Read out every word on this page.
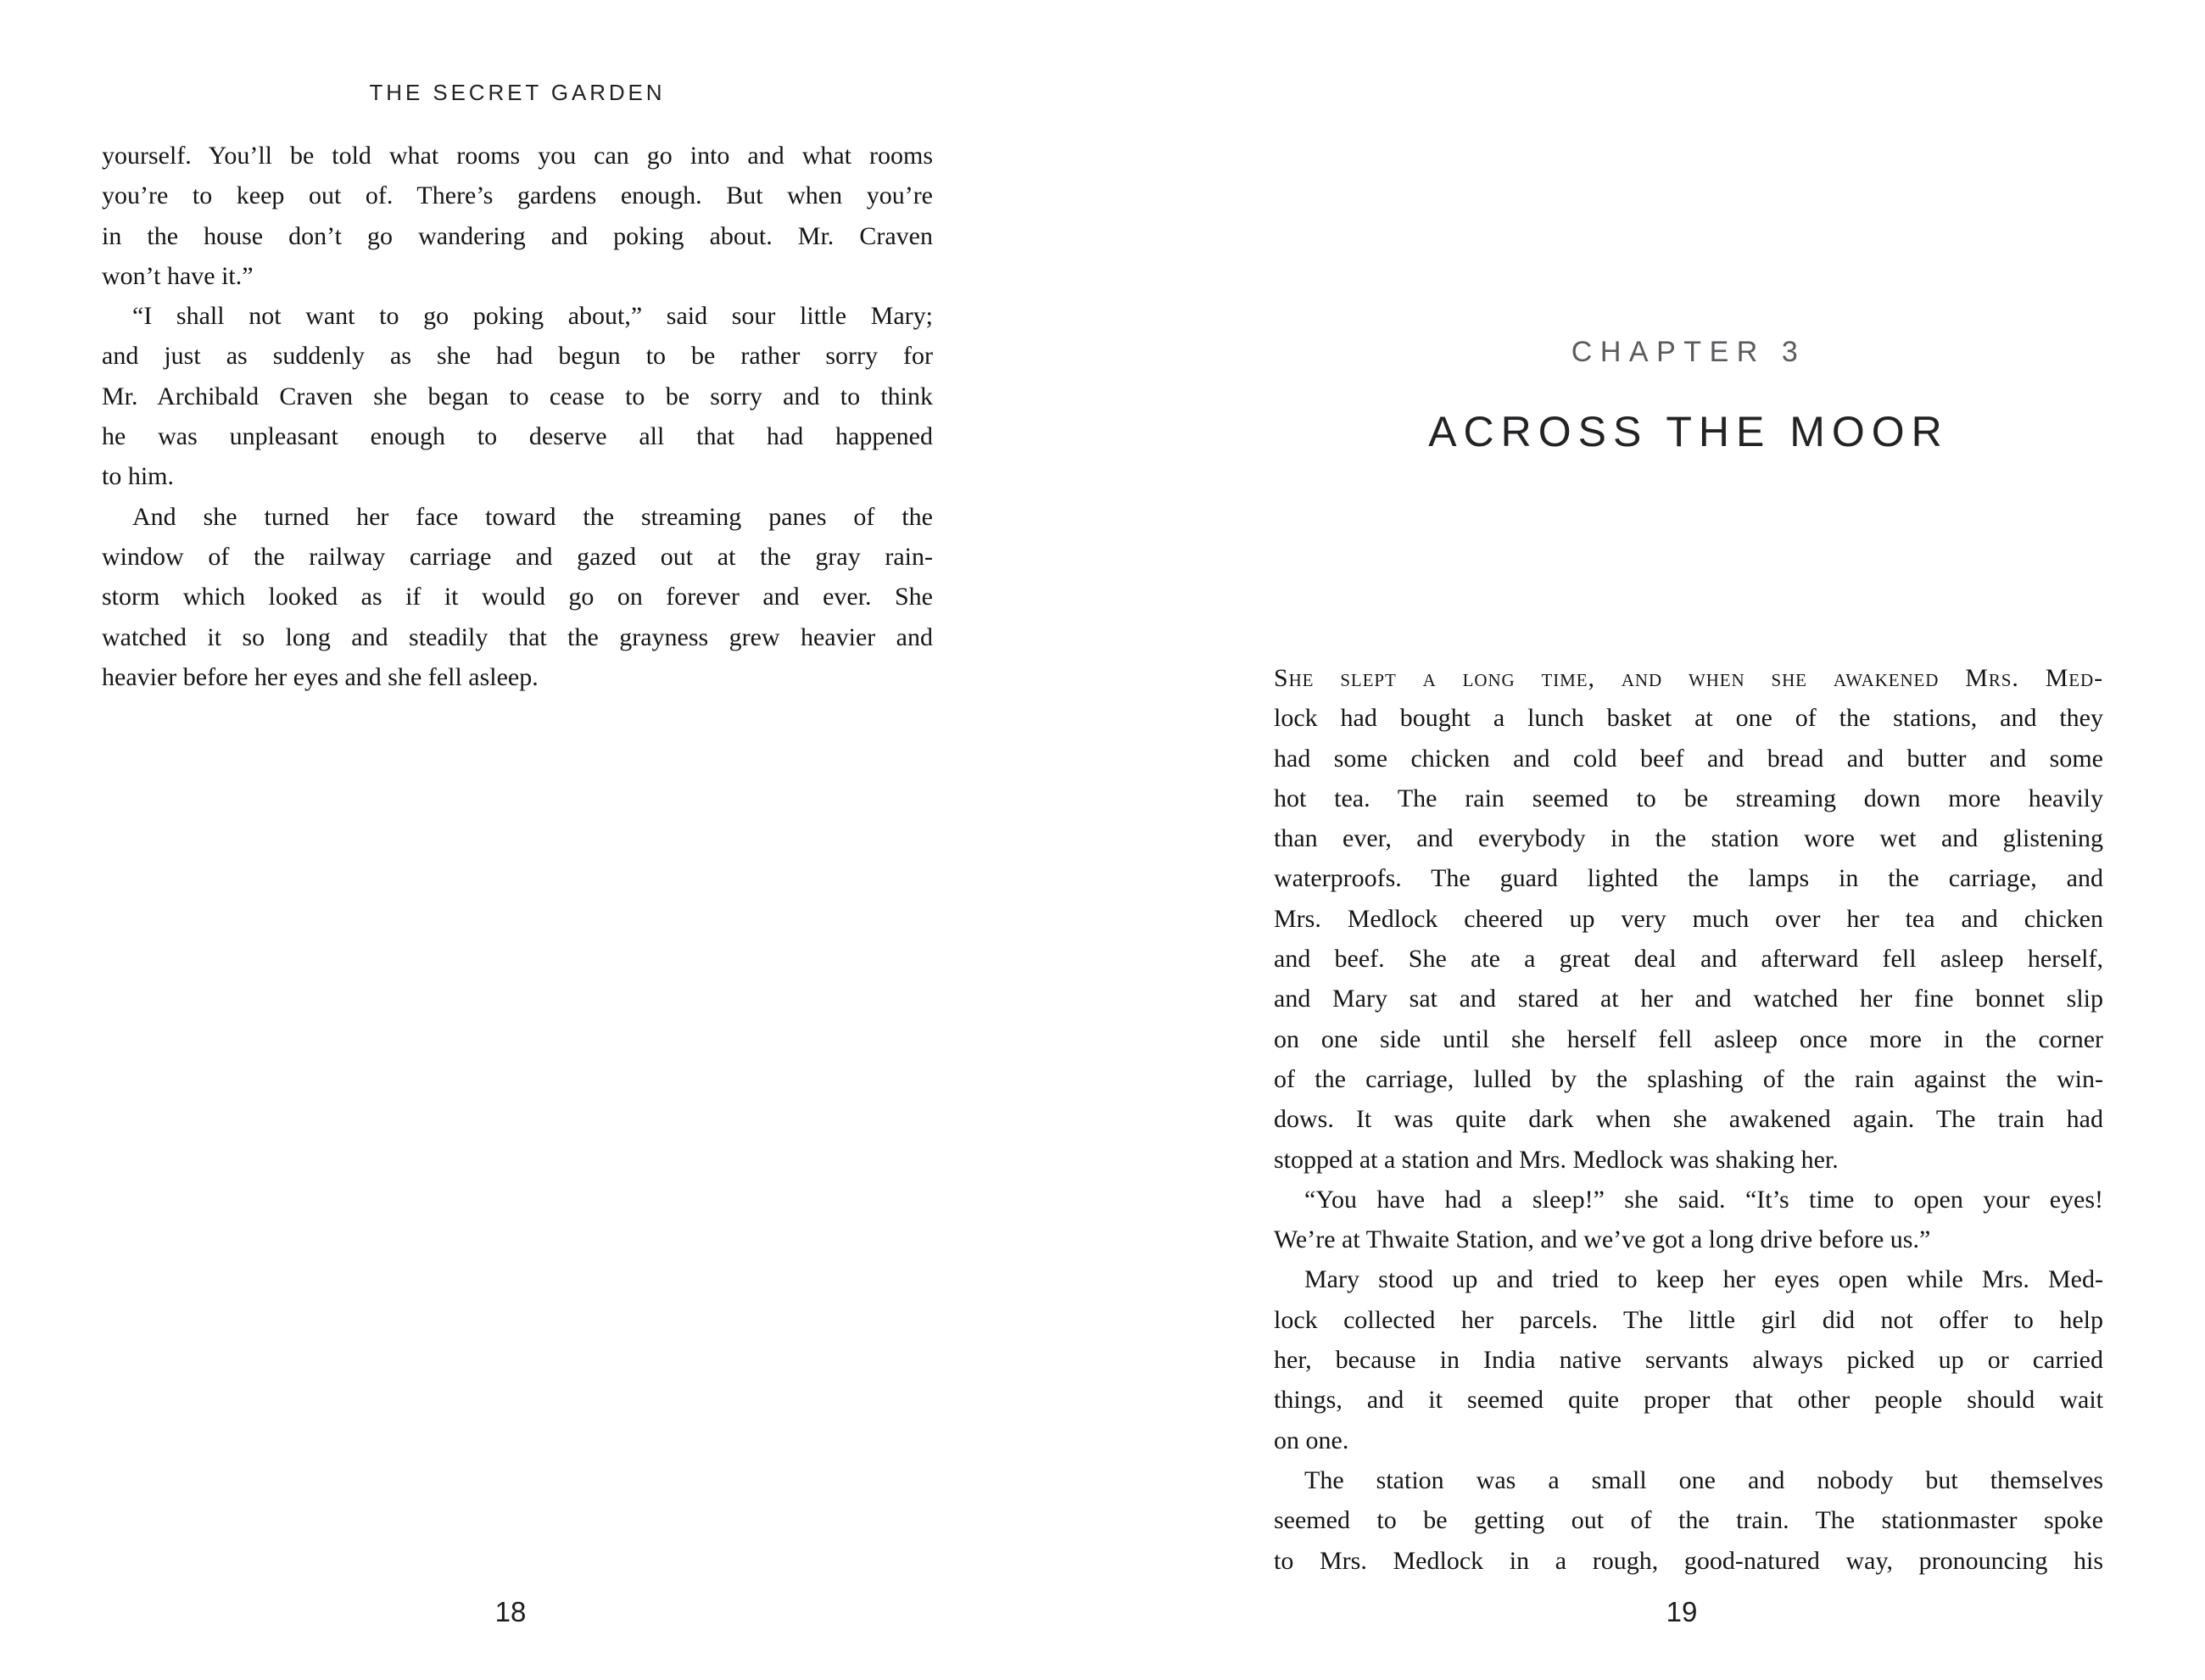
THE SECRET GARDEN
yourself. You’ll be told what rooms you can go into and what rooms
you’re to keep out of. There’s gardens enough. But when you’re
in the house don’t go wandering and poking about. Mr. Craven
won’t have it.”
“I shall not want to go poking about,” said sour little Mary;
and just as suddenly as she had begun to be rather sorry for
Mr. Archibald Craven she began to cease to be sorry and to think
he was unpleasant enough to deserve all that had happened
to him.
And she turned her face toward the streaming panes of the
window of the railway carriage and gazed out at the gray rain-
storm which looked as if it would go on forever and ever. She
watched it so long and steadily that the grayness grew heavier and
heavier before her eyes and she fell asleep.
18
CHAPTER 3
ACROSS THE MOOR
She slept a long time, and when she awakened Mrs. Med-
lock had bought a lunch basket at one of the stations, and they
had some chicken and cold beef and bread and butter and some
hot tea. The rain seemed to be streaming down more heavily
than ever, and everybody in the station wore wet and glistening
waterproofs. The guard lighted the lamps in the carriage, and
Mrs. Medlock cheered up very much over her tea and chicken
and beef. She ate a great deal and afterward fell asleep herself,
and Mary sat and stared at her and watched her fine bonnet slip
on one side until she herself fell asleep once more in the corner
of the carriage, lulled by the splashing of the rain against the win-
dows. It was quite dark when she awakened again. The train had
stopped at a station and Mrs. Medlock was shaking her.
“You have had a sleep!” she said. “It’s time to open your eyes!
We’re at Thwaite Station, and we’ve got a long drive before us.”
Mary stood up and tried to keep her eyes open while Mrs. Med-
lock collected her parcels. The little girl did not offer to help
her, because in India native servants always picked up or carried
things, and it seemed quite proper that other people should wait
on one.
The station was a small one and nobody but themselves
seemed to be getting out of the train. The stationmaster spoke
to Mrs. Medlock in a rough, good-natured way, pronouncing his
19
